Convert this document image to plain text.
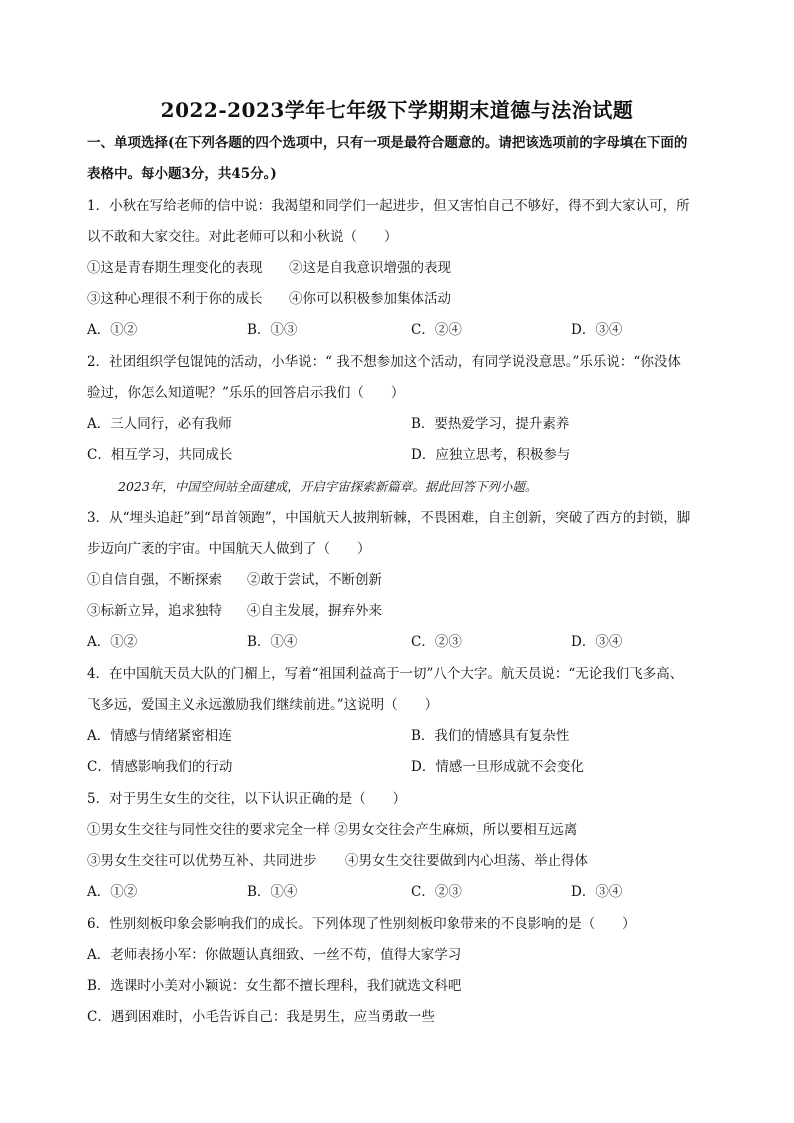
2022-2023学年七年级下学期期末道德与法治试题
一、单项选择(在下列各题的四个选项中，只有一项是最符合题意的。请把该选项前的字母填在下面的
表格中。每小题3分，共45分。)
1．小秋在写给老师的信中说：我渴望和同学们一起进步，但又害怕自己不够好，得不到大家认可，所
以不敢和大家交往。对此老师可以和小秋说（　　）
①这是青春期生理变化的表现 ②这是自我意识增强的表现
③这种心理很不利于你的成长 ④你可以积极参加集体活动
A．①②	B．①③	C．②④	D．③④
2．社团组织学包馄饨的活动，小华说：“ 我不想参加这个活动，有同学说没意思。”乐乐说：“你没体
验过，你怎么知道呢？”乐乐的回答启示我们（　　）
A．三人同行，必有我师	B．要热爱学习，提升素养
C．相互学习，共同成长	D．应独立思考，积极参与
2023年，中国空间站全面建成，开启宇宙探索新篇章。据此回答下列小题。
3．从“埋头追赶”到“昂首领跑”，中国航天人披荆斩棘，不畏困难，自主创新，突破了西方的封锁，脚
步迈向广袤的宇宙。中国航天人做到了（　　）
①自信自强，不断探索 ②敢于尝试，不断创新
③标新立异，追求独特 ④自主发展，摒弃外来
A．①②	B．①④	C．②③	D．③④
4．在中国航天员大队的门楣上，写着“祖国利益高于一切”八个大字。航天员说：“无论我们飞多高、
飞多远，爱国主义永远激励我们继续前进。”这说明（　　）
A．情感与情绪紧密相连	B．我们的情感具有复杂性
C．情感影响我们的行动	D．情感一旦形成就不会变化
5．对于男生女生的交往，以下认识正确的是（　　）
①男女生交往与同性交往的要求完全一样 ②男女交往会产生麻烦，所以要相互远离
③男女生交往可以优势互补、共同进步 ④男女生交往要做到内心坦荡、举止得体
A．①②	B．①④	C．②③	D．③④
6．性别刻板印象会影响我们的成长。下列体现了性别刻板印象带来的不良影响的是（　　）
A．老师表扬小军：你做题认真细致、一丝不苟，值得大家学习
B．选课时小美对小颖说：女生都不擅长理科，我们就选文科吧
C．遇到困难时，小毛告诉自己：我是男生，应当勇敢一些
